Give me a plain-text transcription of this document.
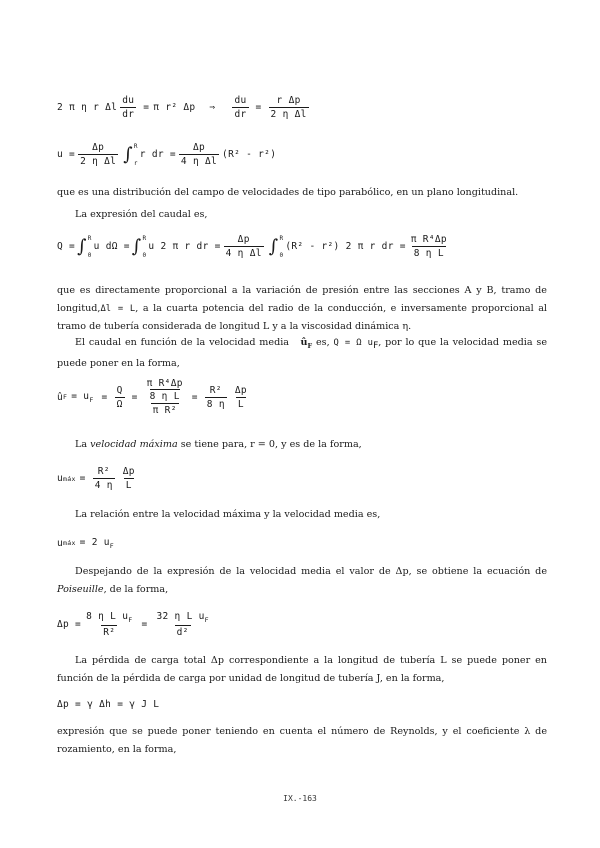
2 π η r Δl $\frac{du}{dr} = \pi$ r² Δp ⇒ $\frac{du}{dr} = \frac{\text{r Δp}}{\text{2 η Δl}}$
$u = \frac{\Delta p}{\text{2 η Δl}}$ ∫ R
r
r dr = $\frac{\Delta p}{\text{4 η Δl}} (R^2 - r^2)$
que es una distribución del campo de velocidades de tipo parabólico, en un plano longitudinal.
La expresión del caudal es,
Q = ∫ R
0
u dΩ = ∫ R
0
u 2 π r dr = $\frac{\Delta p}{\text{4 η Δl}}$ ∫ R
0
(R² - r²) 2 π r dr = $\frac{\text{π R⁴Δp}}{\text{8 η L}}$
que es directamente proporcional a la variación de presión entre las secciones A y B, tramo de longitud,Δl = L, a la cuarta potencia del radio de la conducción, e inversamente proporcional al tramo de tubería considerada de longitud L y a la viscosidad dinámica η.
El caudal en función de la velocidad media $û_F$ es, Q = Ω $u_F$, por lo que la velocidad media se puede poner en la forma,
û $F = u_F = \frac{Q}{\Omega} = \pi$ R⁴Δp
8 η L
π $R^2 = \frac{\text{R²}}{8 \eta} \frac{\Delta p}{L}$
La velocidad máxima se tiene para, r = 0, y es de la forma,
u máx = $\frac{\text{R²}}{4 \eta} \frac{\Delta p}{L}$
La relación entre la velocidad máxima y la velocidad media es,
u máx = 2 $u_F$
Despejando de la expresión de la velocidad media el valor de Δp, se obtiene la ecuación de Poiseuille, de la forma,
$\Delta p = \frac{8 \eta L u_F}{\text{R²}} = \frac{32 \eta L u_F}{\text{d²}}$
La pérdida de carga total Δp correspondiente a la longitud de tubería L se puede poner en función de la pérdida de carga por unidad de longitud de tubería J, en la forma,
Δp = γ Δh = γ J L
expresión que se puede poner teniendo en cuenta el número de Reynolds, y el coeficiente λ de rozamiento, en la forma,
IX.-163
